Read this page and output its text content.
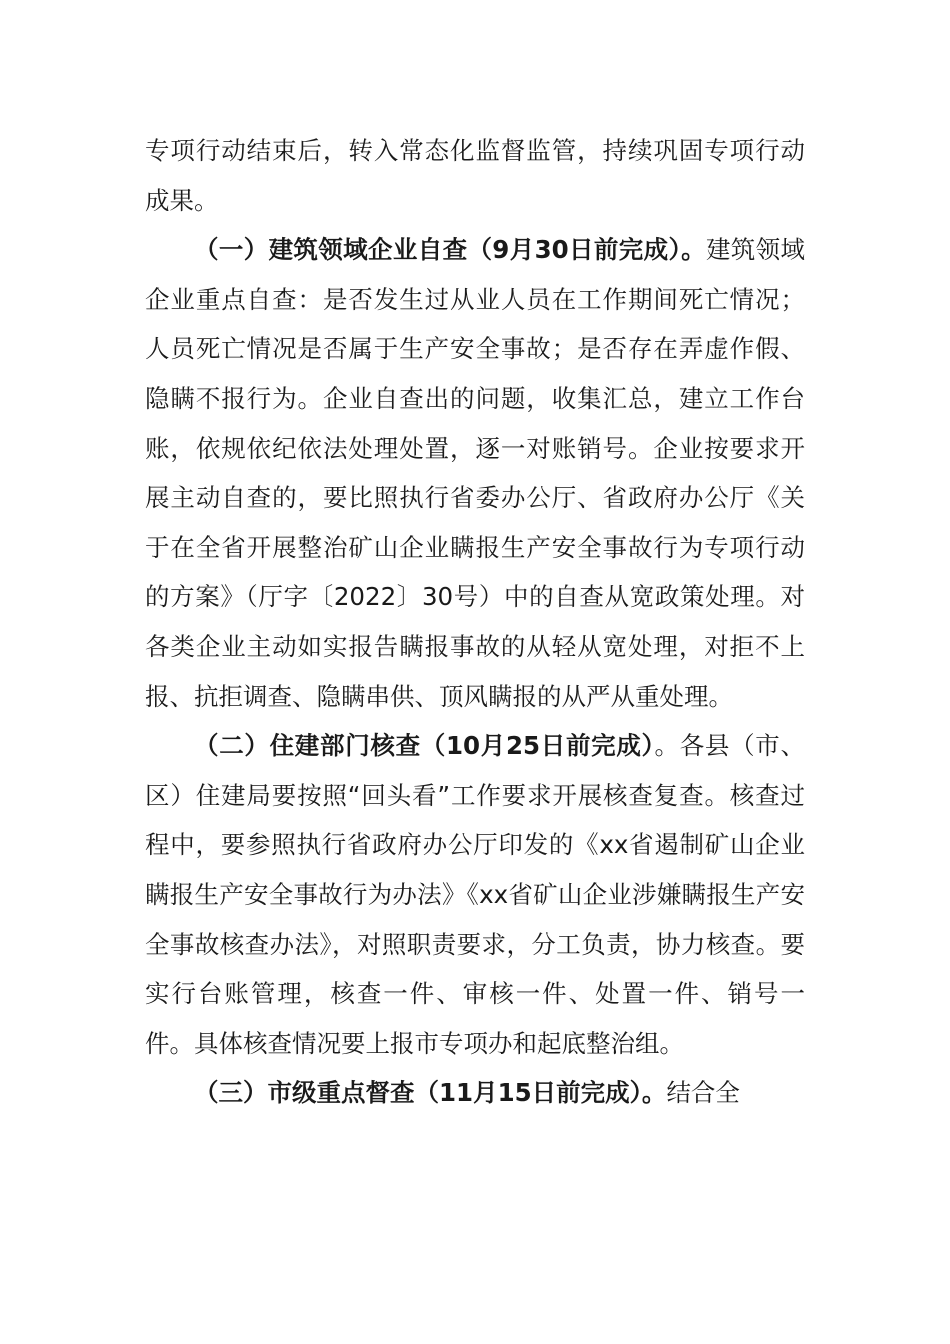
专项行动结束后，转入常态化监督监管，持续巩固专项行动成果。

（一）建筑领域企业自查（9月30日前完成）。建筑领域企业重点自查：是否发生过从业人员在工作期间死亡情况；人员死亡情况是否属于生产安全事故；是否存在弄虚作假、隐瞒不报行为。企业自查出的问题，收集汇总，建立工作台账，依规依纪依法处理处置，逐一对账销号。企业按要求开展主动自查的，要比照执行省委办公厅、省政府办公厅《关于在全省开展整治矿山企业瞒报生产安全事故行为专项行动的方案》（厅字〔2022〕30号）中的自查从宽政策处理。对各类企业主动如实报告瞒报事故的从轻从宽处理，对拒不上报、抗拒调查、隐瞒串供、顶风瞒报的从严从重处理。

（二）住建部门核查（10月25日前完成）。各县（市、区）住建局要按照“回头看”工作要求开展核查复查。核查过程中，要参照执行省政府办公厅印发的《xx省遏制矿山企业瞒报生产安全事故行为办法》《xx省矿山企业涉嫌瞒报生产安全事故核查办法》，对照职责要求，分工负责，协力核查。要实行台账管理，核查一件、审核一件、处置一件、销号一件。具体核查情况要上报市专项办和起底整治组。

（三）市级重点督查（11月15日前完成）。结合全
